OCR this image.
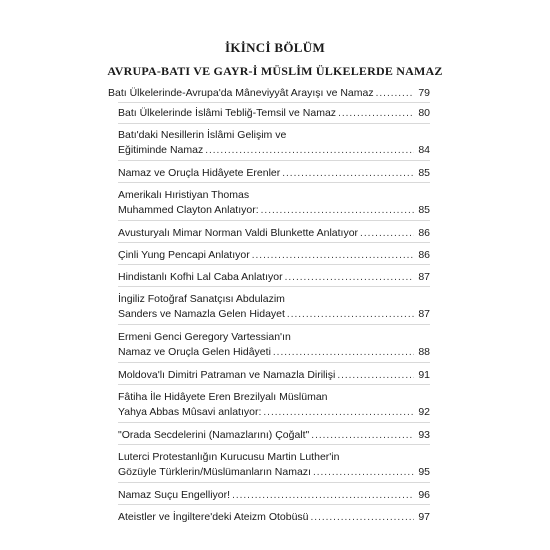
İKİNCİ BÖLÜM
AVRUPA-BATI VE GAYR-İ MÜSLİM ÜLKELERDE NAMAZ
Batı Ülkelerinde-Avrupa'da Mâneviyyât Arayışı ve Namaz .....	79
Batı Ülkelerinde İslâmi Tebliğ-Temsil ve Namaz .....	80
Batı'daki Nesillerin İslâmi Gelişim ve
Eğitiminde Namaz .....	84
Namaz ve Oruçla Hidâyete Erenler .....	85
Amerikalı Hıristiyan Thomas
Muhammed Clayton Anlatıyor: .....	85
Avusturyalı Mimar Norman Valdi Blunkette Anlatıyor .....	86
Çinli Yung Pencapi Anlatıyor .....	86
Hindistanlı Kofhi Lal Caba Anlatıyor .....	87
İngiliz Fotoğraf Sanatçısı Abdulazim
Sanders ve Namazla Gelen Hidayet .....	87
Ermeni Genci Geregory Vartessian'ın
Namaz ve Oruçla Gelen Hidâyeti .....	88
Moldova'lı Dimitri Patraman ve Namazla Dirilişi .....	91
Fâtiha İle Hidâyete Eren Brezilyalı Müslüman
Yahya Abbas Mûsavi anlatıyor: .....	92
"Orada Secdelerini (Namazlarını) Çoğalt" .....	93
Luterci Protestanlığın Kurucusu Martin Luther'in
Gözüyle Türklerin/Müslümanların Namazı .....	95
Namaz Suçu Engelliyor! .....	96
Ateistler ve İngiltere'deki Ateizm Otobüsü .....	97
